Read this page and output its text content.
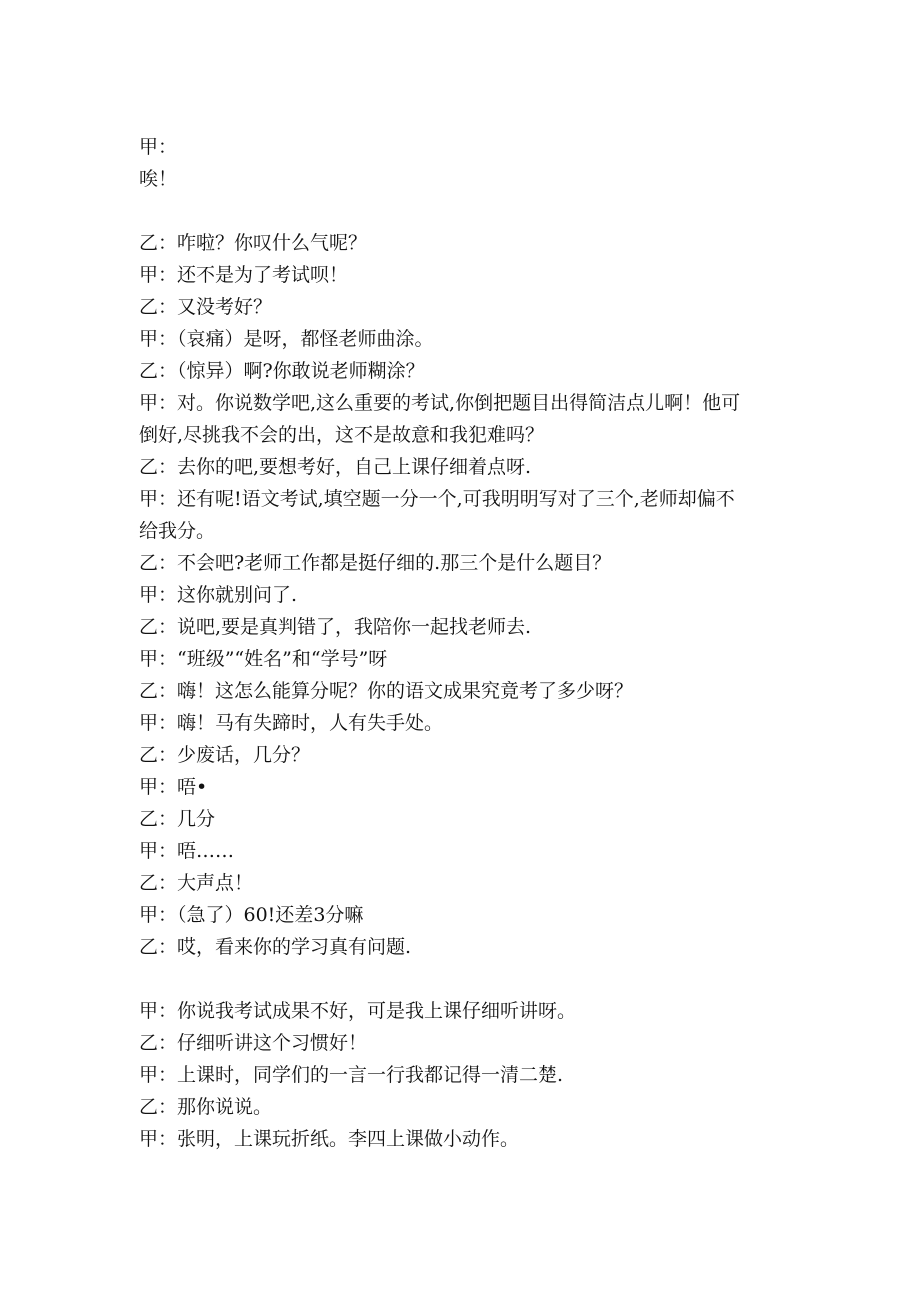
甲：
唉！
乙：咋啦？你叹什么气呢？
甲：还不是为了考试呗！
乙：又没考好？
甲：（哀痛）是呀，都怪老师曲涂。
乙：（惊异）啊?你敢说老师糊涂？
甲：对。你说数学吧,这么重要的考试,你倒把题目出得简洁点儿啊！他可
倒好,尽挑我不会的出，这不是故意和我犯难吗？
乙：去你的吧,要想考好，自己上课仔细着点呀.
甲：还有呢!语文考试,填空题一分一个,可我明明写对了三个,老师却偏不
给我分。
乙：不会吧?老师工作都是挺仔细的.那三个是什么题目？
甲：这你就别问了.
乙：说吧,要是真判错了，我陪你一起找老师去.
甲：“班级”“姓名”和“学号”呀
乙：嗨！这怎么能算分呢？你的语文成果究竟考了多少呀？
甲：嗨！马有失蹄时，人有失手处。
乙：少废话，几分？
甲：唔•
乙：几分
甲：唔……
乙：大声点！
甲：（急了）60!还差3分嘛
乙：哎，看来你的学习真有问题.
甲：你说我考试成果不好，可是我上课仔细听讲呀。
乙：仔细听讲这个习惯好！
甲：上课时，同学们的一言一行我都记得一清二楚.
乙：那你说说。
甲：张明，上课玩折纸。李四上课做小动作。
